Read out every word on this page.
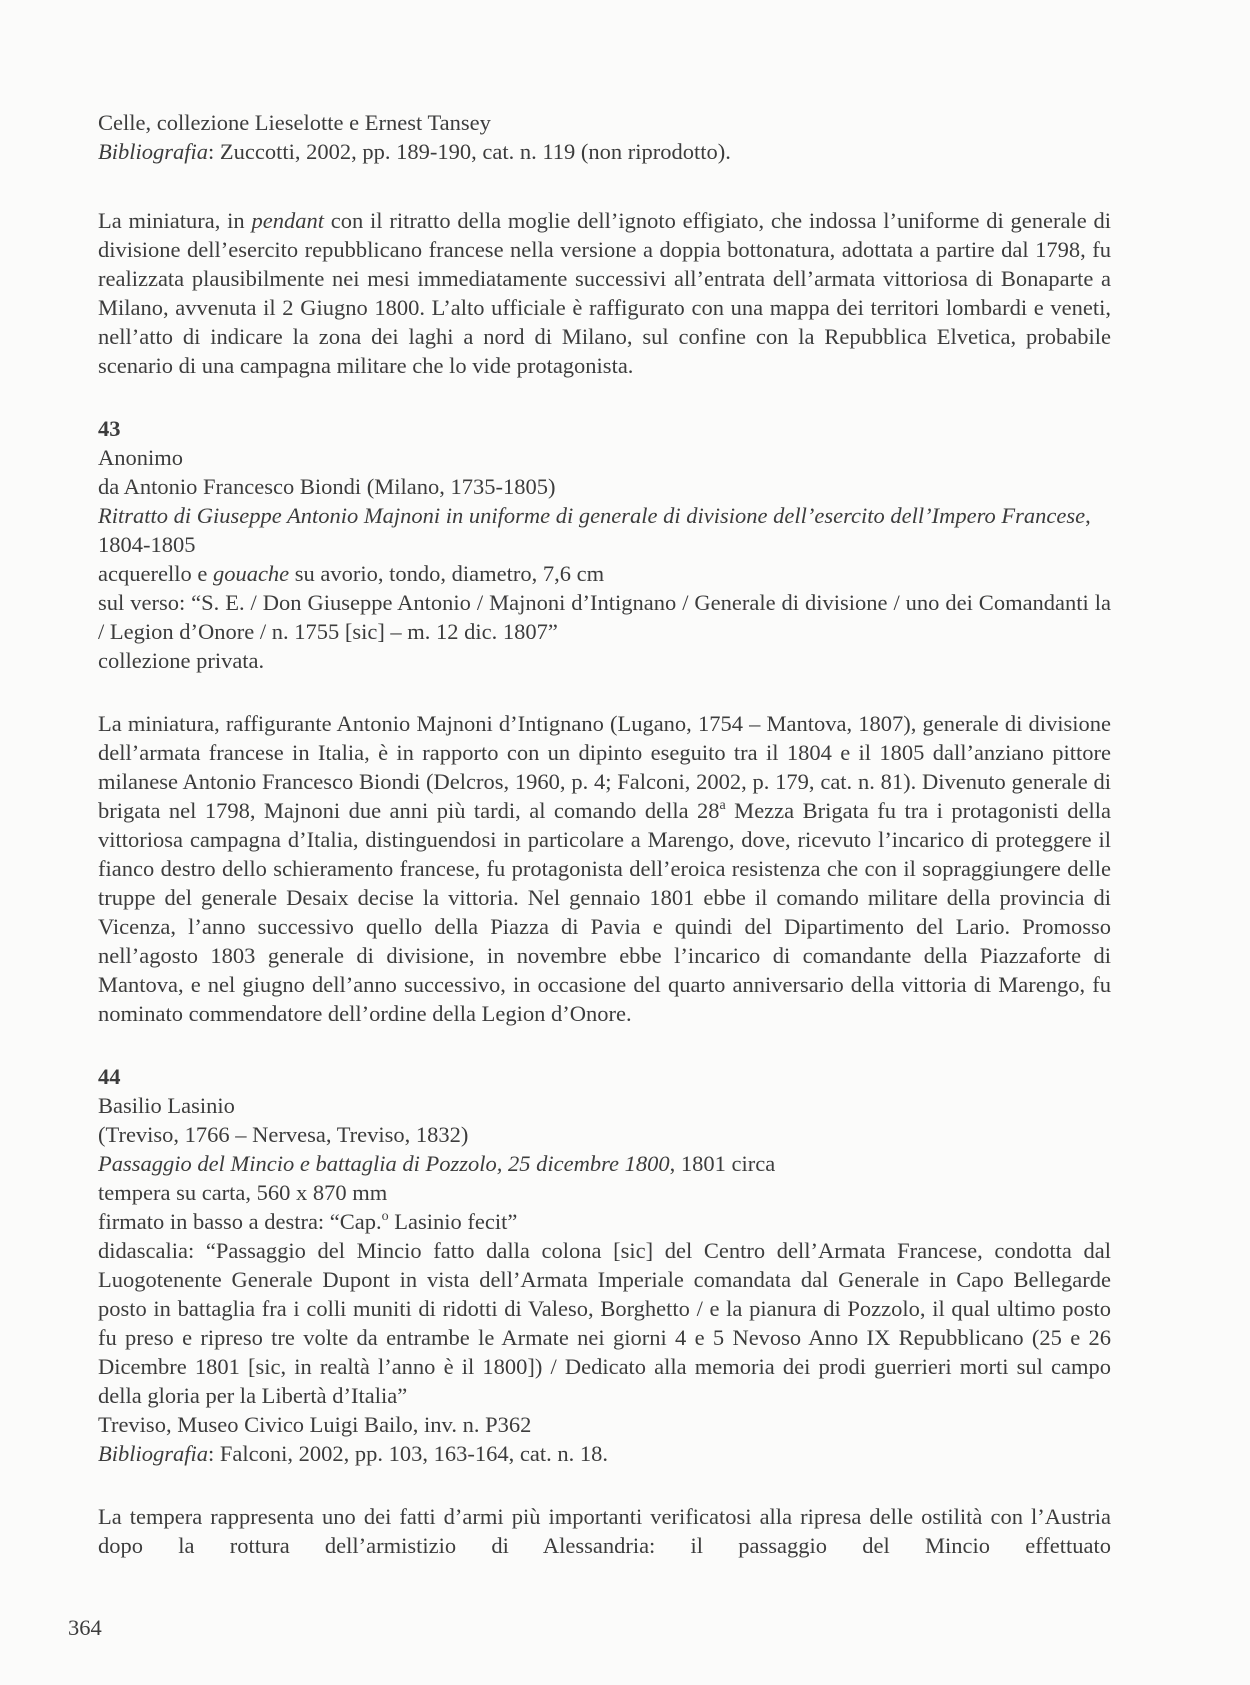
Celle, collezione Lieselotte e Ernest Tansey

Bibliografia: Zuccotti, 2002, pp. 189-190, cat. n. 119 (non riprodotto).

La miniatura, in pendant con il ritratto della moglie dell’ignoto effigiato, che indossa l’uniforme di generale di divisione dell’esercito repubblicano francese nella versione a doppia bottonatura, adottata a partire dal 1798, fu realizzata plausibilmente nei mesi immediatamente successivi all’entrata dell’armata vittoriosa di Bonaparte a Milano, avvenuta il 2 Giugno 1800. L’alto ufficiale è raffigurato con una mappa dei territori lombardi e veneti, nell’atto di indicare la zona dei laghi a nord di Milano, sul confine con la Repubblica Elvetica, probabile scenario di una campagna militare che lo vide protagonista.

43

Anonimo

da Antonio Francesco Biondi (Milano, 1735-1805)

Ritratto di Giuseppe Antonio Majnoni in uniforme di generale di divisione dell’esercito dell’Impero Francese, 1804-1805

acquerello e gouache su avorio, tondo, diametro, 7,6 cm

sul verso: “S. E. / Don Giuseppe Antonio / Majnoni d’Intignano / Generale di divisione / uno dei Comandanti la / Legion d’Onore / n. 1755 [sic] – m. 12 dic. 1807”

collezione privata.

La miniatura, raffigurante Antonio Majnoni d’Intignano (Lugano, 1754 – Mantova, 1807), generale di divisione dell’armata francese in Italia, è in rapporto con un dipinto eseguito tra il 1804 e il 1805 dall’anziano pittore milanese Antonio Francesco Biondi (Delcros, 1960, p. 4; Falconi, 2002, p. 179, cat. n. 81). Divenuto generale di brigata nel 1798, Majnoni due anni più tardi, al comando della 28$^a$ Mezza Brigata fu tra i protagonisti della vittoriosa campagna d’Italia, distinguendosi in particolare a Marengo, dove, ricevuto l’incarico di proteggere il fianco destro dello schieramento francese, fu protagonista dell’eroica resistenza che con il sopraggiungere delle truppe del generale Desaix decise la vittoria. Nel gennaio 1801 ebbe il comando militare della provincia di Vicenza, l’anno successivo quello della Piazza di Pavia e quindi del Dipartimento del Lario. Promosso nell’agosto 1803 generale di divisione, in novembre ebbe l’incarico di comandante della Piazzaforte di Mantova, e nel giugno dell’anno successivo, in occasione del quarto anniversario della vittoria di Marengo, fu nominato commendatore dell’ordine della Legion d’Onore.

44

Basilio Lasinio

(Treviso, 1766 – Nervesa, Treviso, 1832)

Passaggio del Mincio e battaglia di Pozzolo, 25 dicembre 1800, 1801 circa

tempera su carta, 560 x 870 mm

firmato in basso a destra: “Cap.$^o$ Lasinio fecit”

didascalia: “Passaggio del Mincio fatto dalla colona [sic] del Centro dell’Armata Francese, condotta dal Luogotenente Generale Dupont in vista dell’Armata Imperiale comandata dal Generale in Capo Bellegarde posto in battaglia fra i colli muniti di ridotti di Valeso, Borghetto / e la pianura di Pozzolo, il qual ultimo posto fu preso e ripreso tre volte da entrambe le Armate nei giorni 4 e 5 Nevoso Anno IX Repubblicano (25 e 26 Dicembre 1801 [sic, in realtà l’anno è il 1800]) / Dedicato alla memoria dei prodi guerrieri morti sul campo della gloria per la Libertà d’Italia”

Treviso, Museo Civico Luigi Bailo, inv. n. P362

Bibliografia: Falconi, 2002, pp. 103, 163-164, cat. n. 18.

La tempera rappresenta uno dei fatti d’armi più importanti verificatosi alla ripresa delle ostilità con l’Austria dopo la rottura dell’armistizio di Alessandria: il passaggio del Mincio effettuato

364
